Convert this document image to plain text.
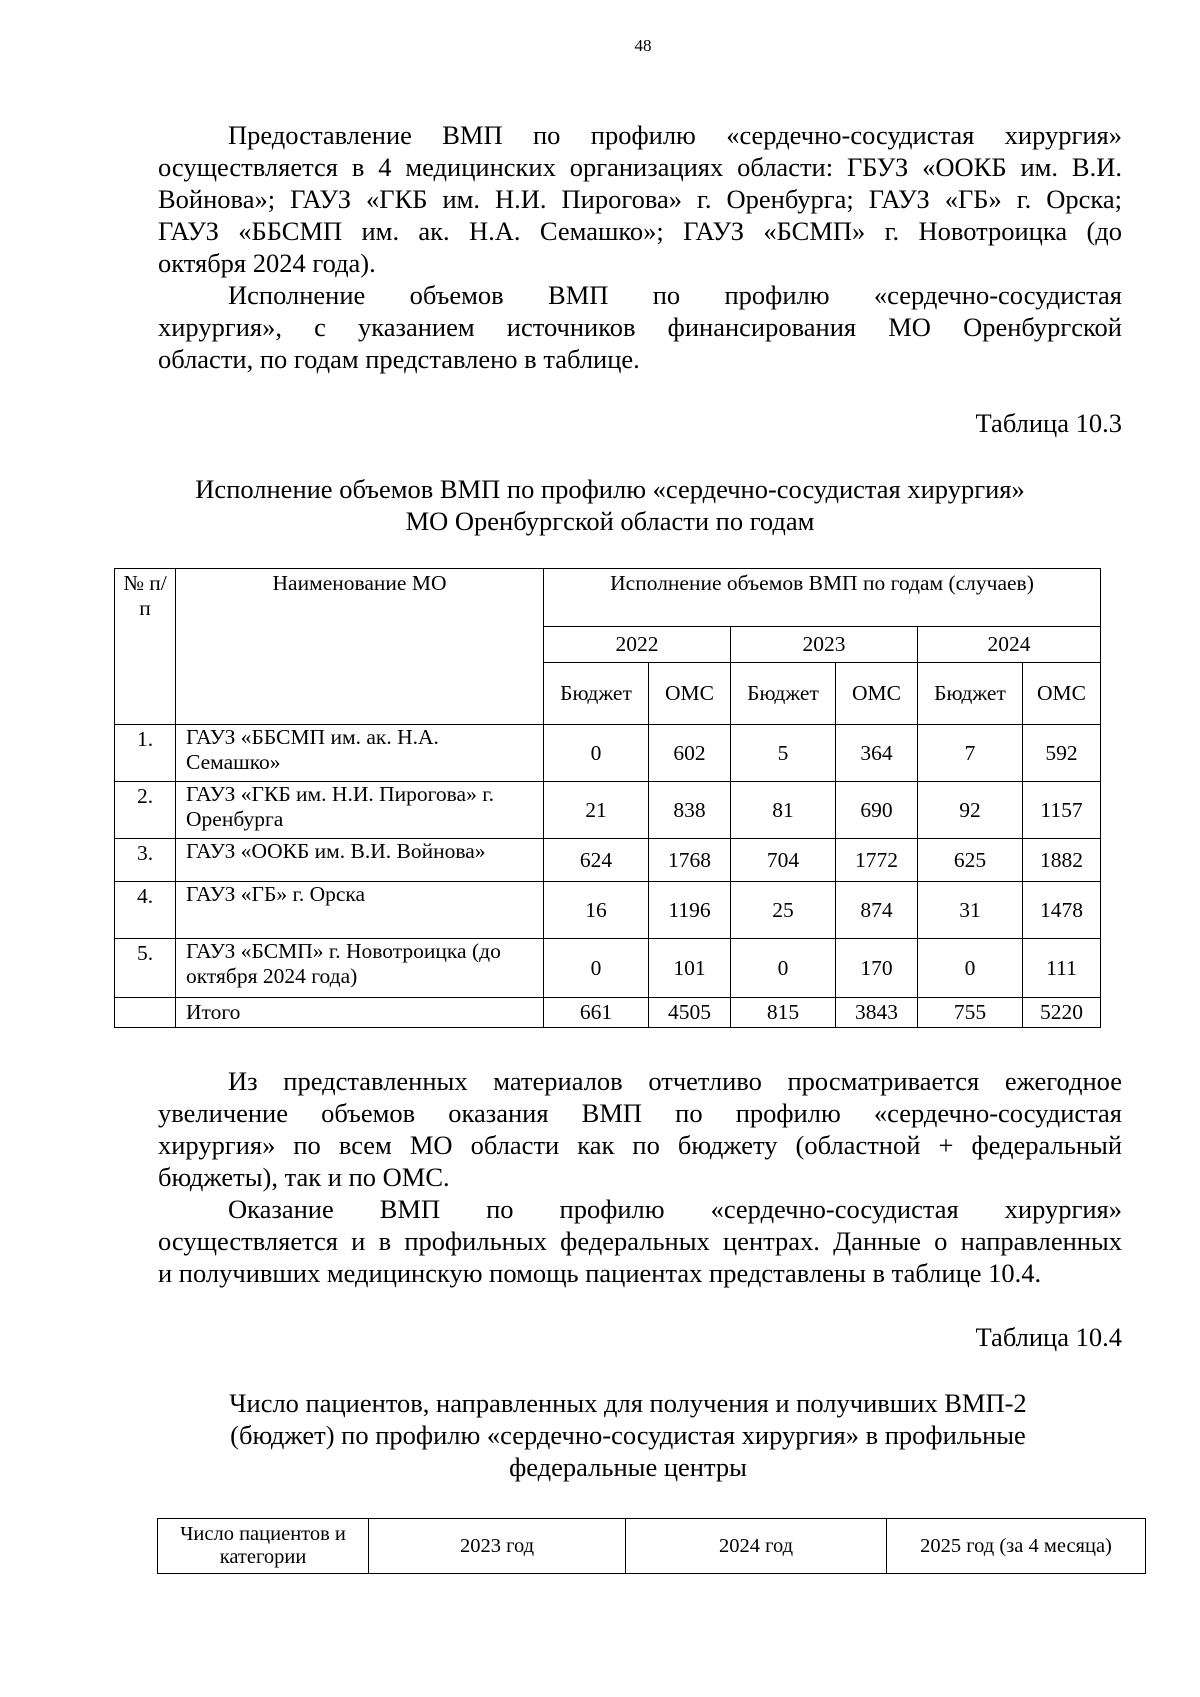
48
Предоставление ВМП по профилю «сердечно-сосудистая хирургия»
осуществляется в 4 медицинских организациях области: ГБУЗ «ООКБ им. В.И.
Войнова»; ГАУЗ «ГКБ им. Н.И. Пирогова» г. Оренбурга; ГАУЗ «ГБ» г. Орска;
ГАУЗ «ББСМП им. ак. Н.А. Семашко»; ГАУЗ «БСМП» г. Новотроицка (до
октября 2024 года).
Исполнение объемов ВМП по профилю «сердечно-сосудистая
хирургия», с указанием источников финансирования МО Оренбургской
области, по годам представлено в таблице.
Таблица 10.3
Исполнение объемов ВМП по профилю «сердечно-сосудистая хирургия»
МО Оренбургской области по годам
№ п/п	Наименование МО	Исполнение объемов ВМП по годам (случаев)					
		2022		2023		2024	
		Бюджет	ОМС	Бюджет	ОМС	Бюджет	ОМС
1.	ГАУЗ «ББСМП им. ак. Н.А. Семашко»	0	602	5	364	7	592
2.	ГАУЗ «ГКБ им. Н.И. Пирогова» г. Оренбурга	21	838	81	690	92	1157
3.	ГАУЗ «ООКБ им. В.И. Войнова»	624	1768	704	1772	625	1882
4.	ГАУЗ «ГБ» г. Орска	16	1196	25	874	31	1478
5.	ГАУЗ «БСМП» г. Новотроицка (до октября 2024 года)	0	101	0	170	0	111
	Итого	661	4505	815	3843	755	5220
Из представленных материалов отчетливо просматривается ежегодное
увеличение объемов оказания ВМП по профилю «сердечно-сосудистая
хирургия» по всем МО области как по бюджету (областной + федеральный
бюджеты), так и по ОМС.
Оказание ВМП по профилю «сердечно-сосудистая хирургия»
осуществляется и в профильных федеральных центрах. Данные о направленных
и получивших медицинскую помощь пациентах представлены в таблице 10.4.
Таблица 10.4
Число пациентов, направленных для получения и получивших ВМП-2
(бюджет) по профилю «сердечно-сосудистая хирургия» в профильные
федеральные центры
Число пациентов и категории	2023 год	2024 год	2025 год (за 4 месяца)
